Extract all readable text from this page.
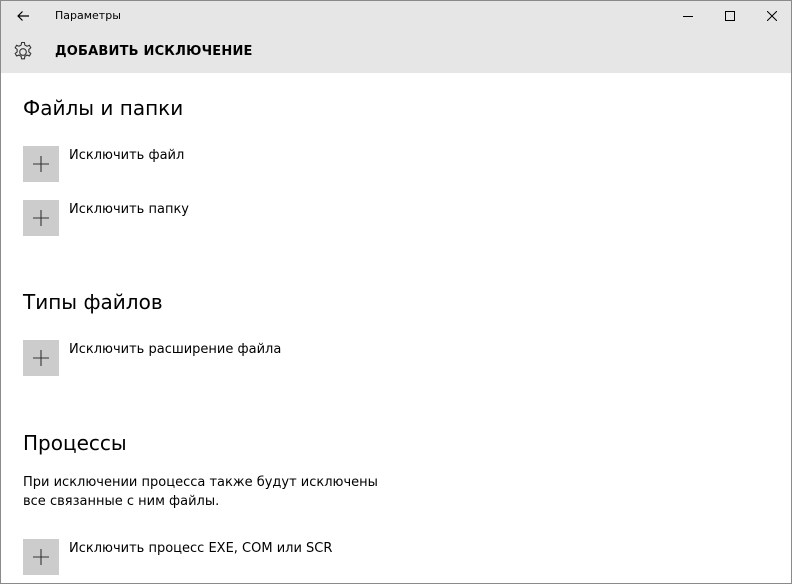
Параметры
ДОБАВИТЬ ИСКЛЮЧЕНИЕ
Файлы и папки
Исключить файл
Исключить папку
Типы файлов
Исключить расширение файла
Процессы
При исключении процесса также будут исключены все связанные с ним файлы.
Исключить процесс EXE, COM или SCR
